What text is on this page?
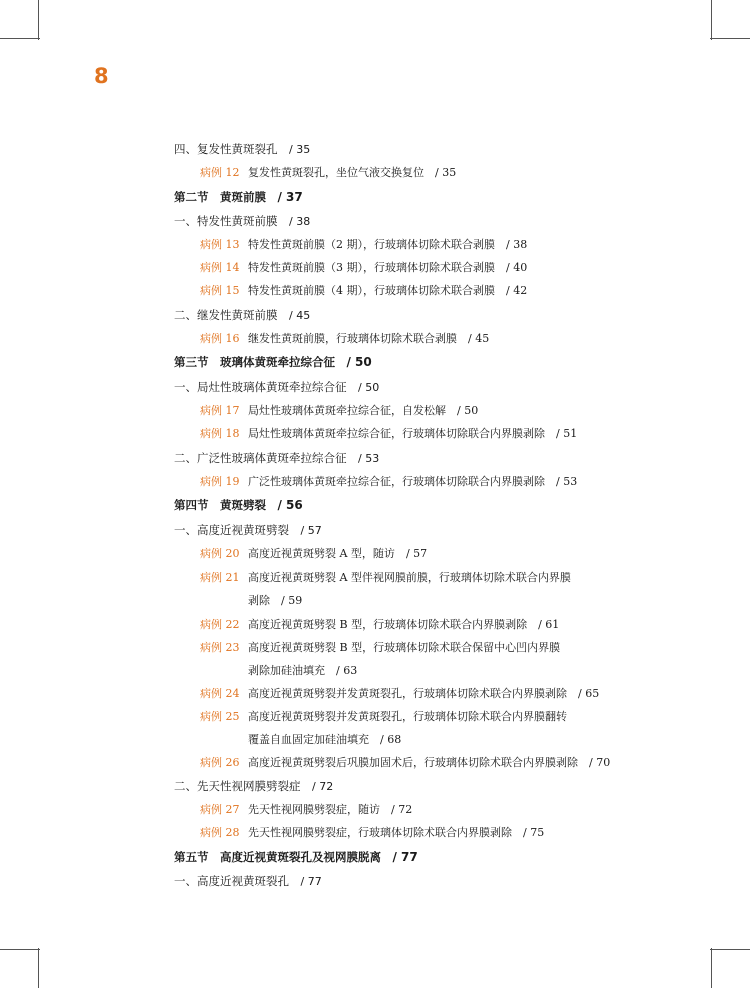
8
四、复发性黄斑裂孔　 / 35
病例 12 复发性黄斑裂孔，坐位气液交换复位　 / 35
第二节　黄斑前膜　 / 37
一、特发性黄斑前膜　 / 38
病例 13 特发性黄斑前膜（2 期），行玻璃体切除术联合剥膜　 / 38
病例 14 特发性黄斑前膜（3 期），行玻璃体切除术联合剥膜　 / 40
病例 15 特发性黄斑前膜（4 期），行玻璃体切除术联合剥膜　 / 42
二、继发性黄斑前膜　 / 45
病例 16 继发性黄斑前膜，行玻璃体切除术联合剥膜　 / 45
第三节　玻璃体黄斑牵拉综合征　 / 50
一、局灶性玻璃体黄斑牵拉综合征　 / 50
病例 17 局灶性玻璃体黄斑牵拉综合征，自发松解　 / 50
病例 18 局灶性玻璃体黄斑牵拉综合征，行玻璃体切除联合内界膜剥除　 / 51
二、广泛性玻璃体黄斑牵拉综合征　 / 53
病例 19 广泛性玻璃体黄斑牵拉综合征，行玻璃体切除联合内界膜剥除　 / 53
第四节　黄斑劈裂　 / 56
一、高度近视黄斑劈裂　 / 57
病例 20 高度近视黄斑劈裂 A 型，随访　 / 57
病例 21 高度近视黄斑劈裂 A 型伴视网膜前膜，行玻璃体切除术联合内界膜
剥除　 / 59
病例 22 高度近视黄斑劈裂 B 型，行玻璃体切除术联合内界膜剥除　 / 61
病例 23 高度近视黄斑劈裂 B 型，行玻璃体切除术联合保留中心凹内界膜
剥除加硅油填充　 / 63
病例 24 高度近视黄斑劈裂并发黄斑裂孔，行玻璃体切除术联合内界膜剥除　 / 65
病例 25 高度近视黄斑劈裂并发黄斑裂孔，行玻璃体切除术联合内界膜翻转
覆盖自血固定加硅油填充　 / 68
病例 26 高度近视黄斑劈裂后巩膜加固术后，行玻璃体切除术联合内界膜剥除　 / 70
二、先天性视网膜劈裂症　 / 72
病例 27 先天性视网膜劈裂症，随访　 / 72
病例 28 先天性视网膜劈裂症，行玻璃体切除术联合内界膜剥除　 / 75
第五节　高度近视黄斑裂孔及视网膜脱离　 / 77
一、高度近视黄斑裂孔　 / 77
